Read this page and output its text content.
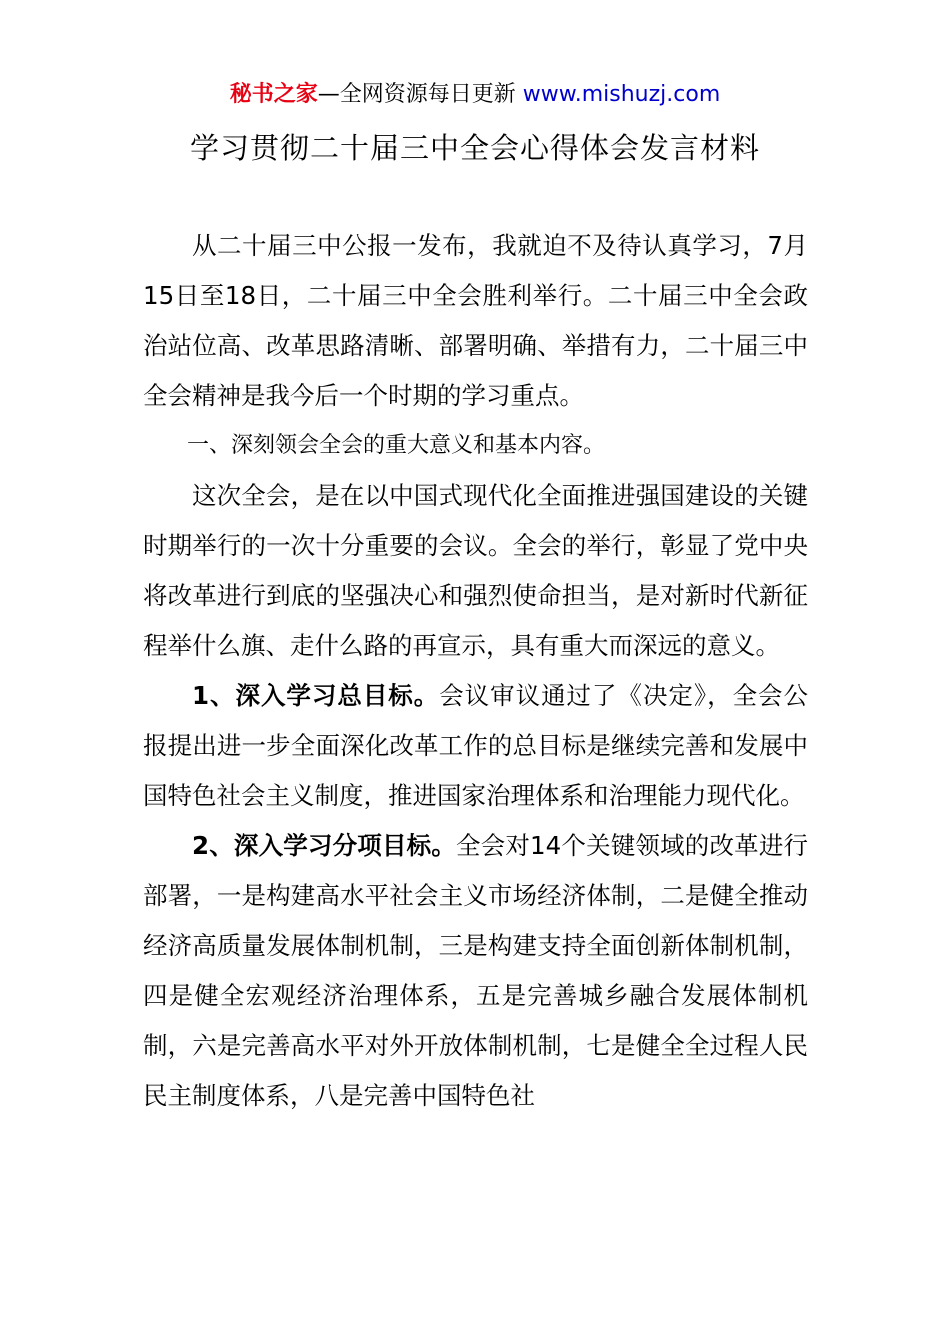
秘书之家—全网资源每日更新 www.mishuzj.com
学习贯彻二十届三中全会心得体会发言材料

从二十届三中公报一发布，我就迫不及待认真学习，7月15日至18日，二十届三中全会胜利举行。二十届三中全会政治站位高、改革思路清晰、部署明确、举措有力，二十届三中全会精神是我今后一个时期的学习重点。

一、深刻领会全会的重大意义和基本内容。

这次全会，是在以中国式现代化全面推进强国建设的关键时期举行的一次十分重要的会议。全会的举行，彰显了党中央将改革进行到底的坚强决心和强烈使命担当，是对新时代新征程举什么旗、走什么路的再宣示，具有重大而深远的意义。

1、深入学习总目标。会议审议通过了《决定》，全会公报提出进一步全面深化改革工作的总目标是继续完善和发展中国特色社会主义制度，推进国家治理体系和治理能力现代化。

2、深入学习分项目标。全会对14个关键领域的改革进行部署，一是构建高水平社会主义市场经济体制，二是健全推动经济高质量发展体制机制，三是构建支持全面创新体制机制，四是健全宏观经济治理体系，五是完善城乡融合发展体制机制，六是完善高水平对外开放体制机制，七是健全全过程人民民主制度体系，八是完善中国特色社
